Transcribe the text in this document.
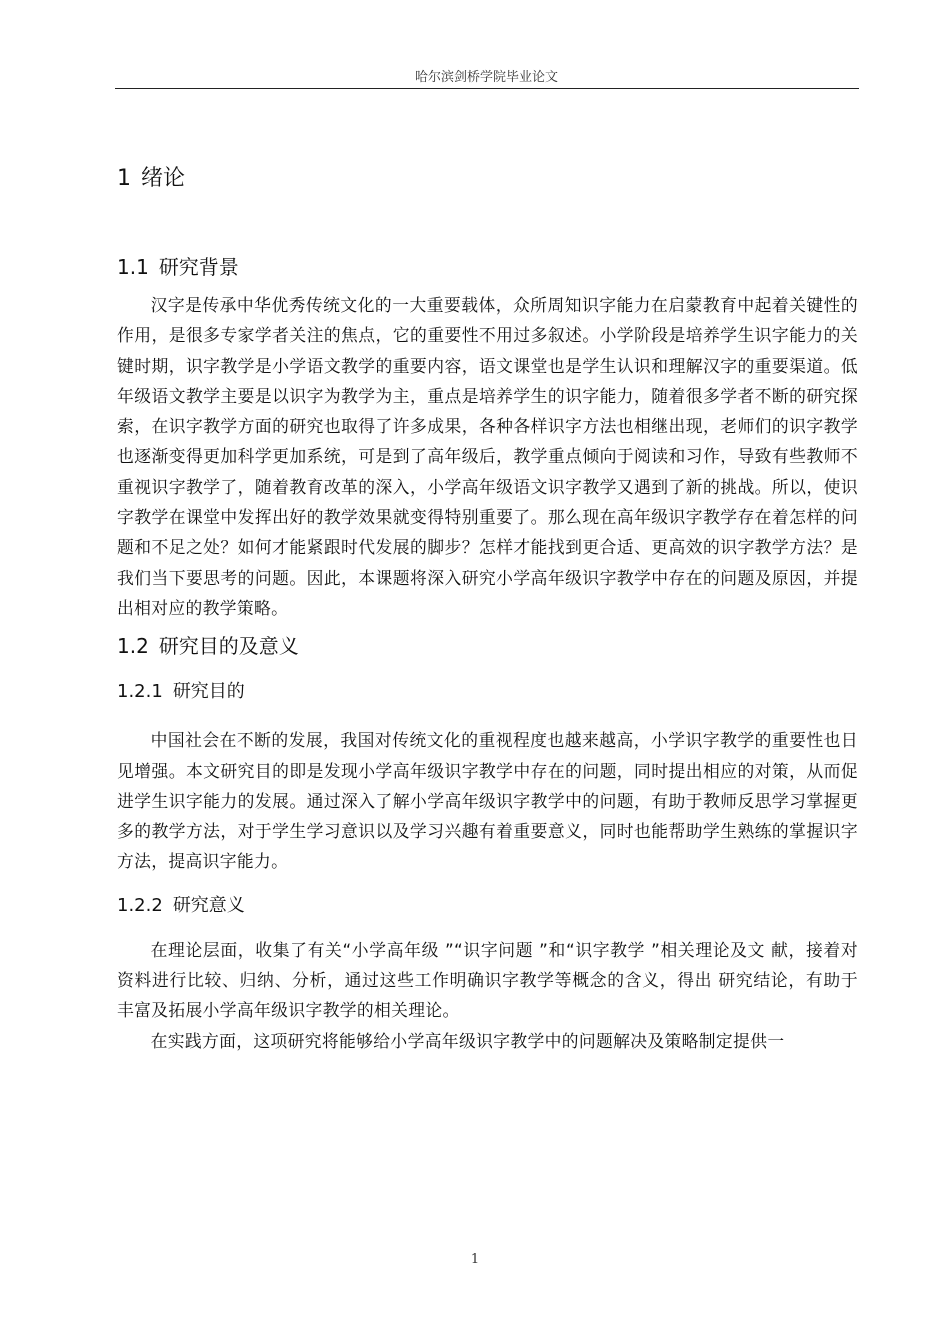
哈尔滨剑桥学院毕业论文
1 绪论
1.1 研究背景

汉字是传承中华优秀传统文化的一大重要载体，众所周知识字能力在启蒙教育中起着关键性的作用，是很多专家学者关注的焦点，它的重要性不用过多叙述。小学阶段是培养学生识字能力的关键时期，识字教学是小学语文教学的重要内容，语文课堂也是学生认识和理解汉字的重要渠道。低年级语文教学主要是以识字为教学为主，重点是培养学生的识字能力，随着很多学者不断的研究探索，在识字教学方面的研究也取得了许多成果，各种各样识字方法也相继出现，老师们的识字教学也逐渐变得更加科学更加系统，可是到了高年级后，教学重点倾向于阅读和习作，导致有些教师不重视识字教学了，随着教育改革的深入，小学高年级语文识字教学又遇到了新的挑战。所以，使识字教学在课堂中发挥出好的教学效果就变得特别重要了。那么现在高年级识字教学存在着怎样的问题和不足之处？如何才能紧跟时代发展的脚步？怎样才能找到更合适、更高效的识字教学方法？是我们当下要思考的问题。因此，本课题将深入研究小学高年级识字教学中存在的问题及原因，并提出相对应的教学策略。

1.2 研究目的及意义
1.2.1 研究目的

中国社会在不断的发展，我国对传统文化的重视程度也越来越高，小学识字教学的重要性也日见增强。本文研究目的即是发现小学高年级识字教学中存在的问题，同时提出相应的对策，从而促进学生识字能力的发展。通过深入了解小学高年级识字教学中的问题，有助于教师反思学习掌握更多的教学方法，对于学生学习意识以及学习兴趣有着重要意义，同时也能帮助学生熟练的掌握识字方法，提高识字能力。

1.2.2 研究意义

在理论层面，收集了有关“小学高年级 ”“识字问题 ”和“识字教学 ”相关理论及文 献，接着对资料进行比较、归纳、分析，通过这些工作明确识字教学等概念的含义，得出 研究结论，有助于丰富及拓展小学高年级识字教学的相关理论。

在实践方面，这项研究将能够给小学高年级识字教学中的问题解决及策略制定提供一

1
